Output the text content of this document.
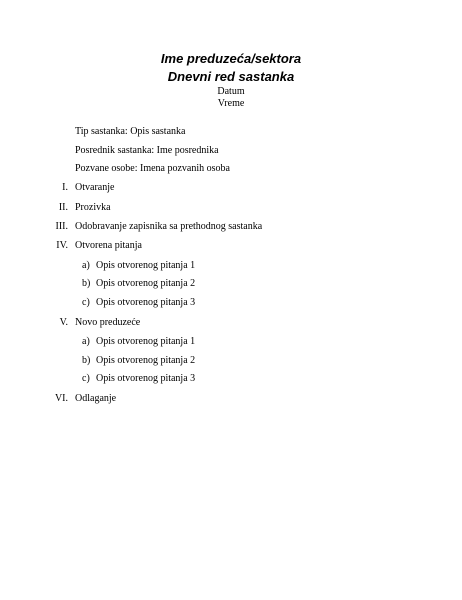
Ime preduzeća/sektora
Dnevni red sastanka
Datum
Vreme
Tip sastanka: Opis sastanka
Posrednik sastanka: Ime posrednika
Pozvane osobe: Imena pozvanih osoba
I. Otvaranje
II. Prozivka
III. Odobravanje zapisnika sa prethodnog sastanka
IV. Otvorena pitanja
a) Opis otvorenog pitanja 1
b) Opis otvorenog pitanja 2
c) Opis otvorenog pitanja 3
V. Novo preduzeće
a) Opis otvorenog pitanja 1
b) Opis otvorenog pitanja 2
c) Opis otvorenog pitanja 3
VI. Odlaganje
